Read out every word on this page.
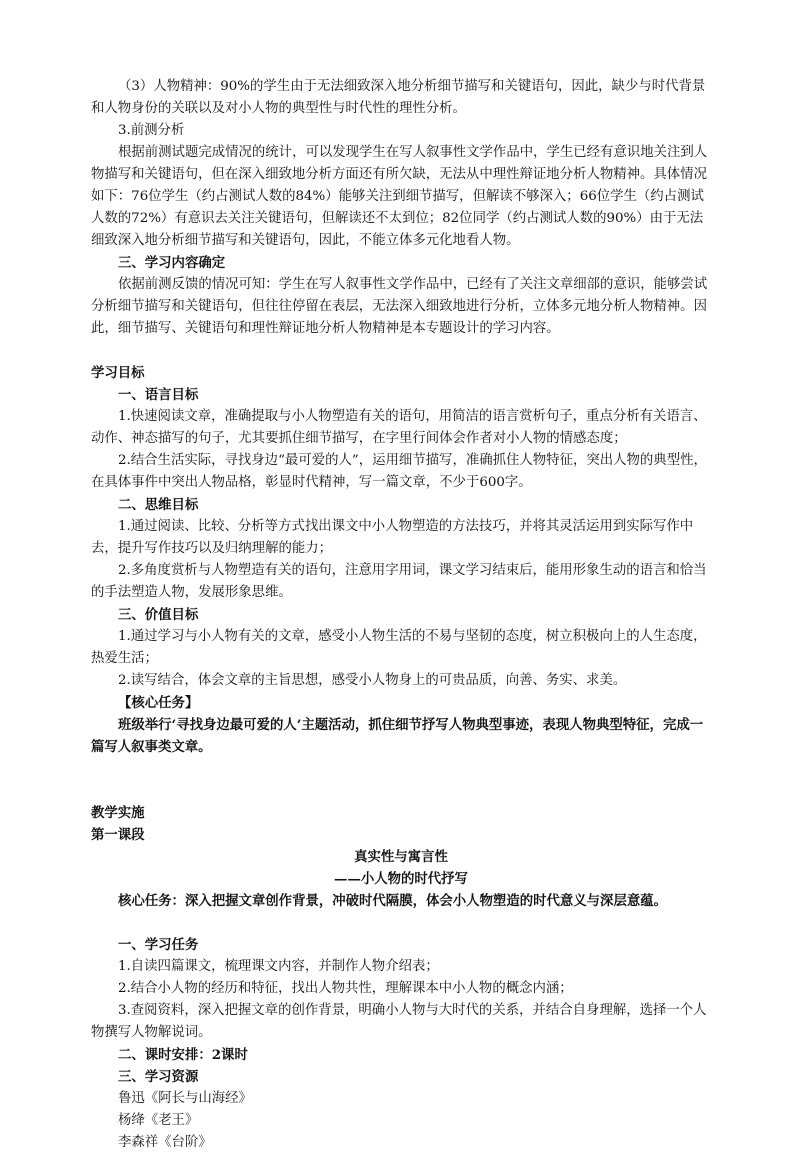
（3）人物精神：90%的学生由于无法细致深入地分析细节描写和关键语句，因此，缺少与时代背景和人物身份的关联以及对小人物的典型性与时代性的理性分析。

3.前测分析

根据前测试题完成情况的统计，可以发现学生在写人叙事性文学作品中，学生已经有意识地关注到人物描写和关键语句，但在深入细致地分析方面还有所欠缺，无法从中理性辩证地分析人物精神。具体情况如下：76位学生（约占测试人数的84%）能够关注到细节描写，但解读不够深入；66位学生（约占测试人数的72%）有意识去关注关键语句，但解读还不太到位；82位同学（约占测试人数的90%）由于无法细致深入地分析细节描写和关键语句，因此，不能立体多元化地看人物。

三、学习内容确定

依据前测反馈的情况可知：学生在写人叙事性文学作品中，已经有了关注文章细部的意识，能够尝试分析细节描写和关键语句，但往往停留在表层，无法深入细致地进行分析，立体多元地分析人物精神。因此，细节描写、关键语句和理性辩证地分析人物精神是本专题设计的学习内容。

学习目标

一、语言目标

1.快速阅读文章，准确提取与小人物塑造有关的语句，用简洁的语言赏析句子，重点分析有关语言、动作、神态描写的句子，尤其要抓住细节描写，在字里行间体会作者对小人物的情感态度；

2.结合生活实际，寻找身边“最可爱的人”，运用细节描写，准确抓住人物特征，突出人物的典型性，在具体事件中突出人物品格，彰显时代精神，写一篇文章，不少于600字。

二、思维目标

1.通过阅读、比较、分析等方式找出课文中小人物塑造的方法技巧，并将其灵活运用到实际写作中去，提升写作技巧以及归纳理解的能力；

2.多角度赏析与人物塑造有关的语句，注意用字用词，课文学习结束后，能用形象生动的语言和恰当的手法塑造人物，发展形象思维。

三、价值目标

1.通过学习与小人物有关的文章，感受小人物生活的不易与坚韧的态度，树立积极向上的人生态度，热爱生活；

2.读写结合，体会文章的主旨思想，感受小人物身上的可贵品质，向善、务实、求美。

【核心任务】

班级举行‘寻找身边最可爱的人’主题活动，抓住细节抒写人物典型事迹，表现人物典型特征，完成一篇写人叙事类文章。

教学实施

第一课段

真实性与寓言性

——小人物的时代抒写

核心任务：深入把握文章创作背景，冲破时代隔膜，体会小人物塑造的时代意义与深层意蕴。

一、学习任务

1.自读四篇课文，梳理课文内容，并制作人物介绍表；

2.结合小人物的经历和特征，找出人物共性，理解课本中小人物的概念内涵；

3.查阅资料，深入把握文章的创作背景，明确小人物与大时代的关系，并结合自身理解，选择一个人物撰写人物解说词。

二、课时安排：2课时

三、学习资源

鲁迅《阿长与山海经》

杨绛《老王》

李森祥《台阶》
